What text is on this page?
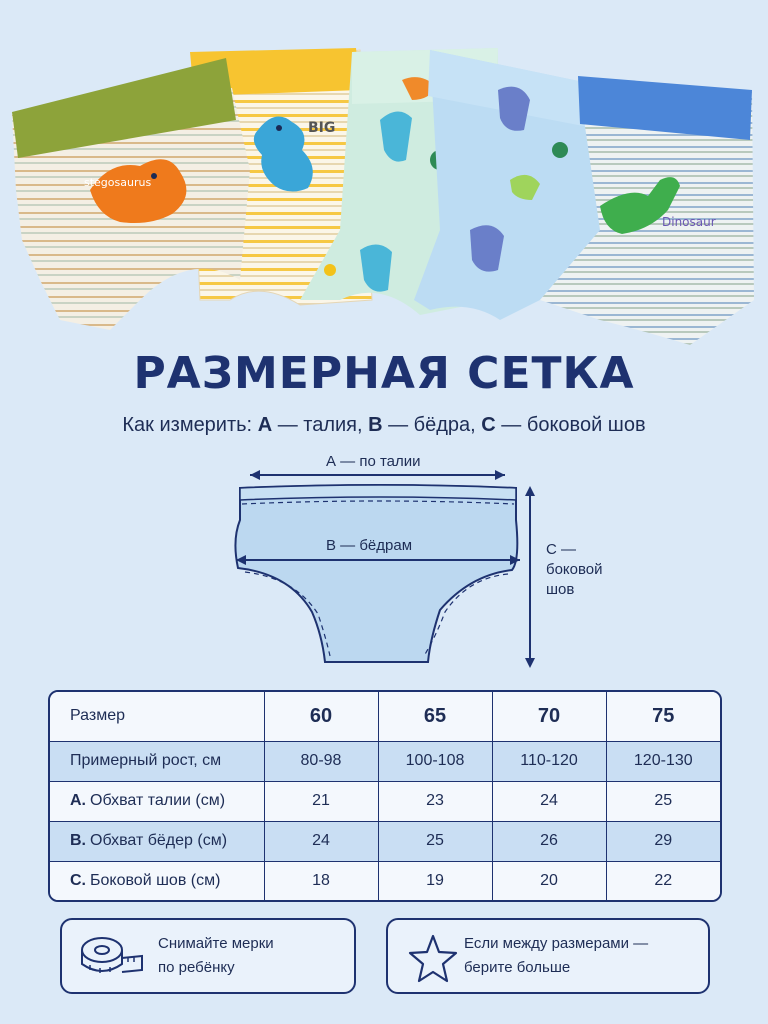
BIG
Dinosaur
stegosaurus
РАЗМЕРНАЯ СЕТКА
Как измерить: А — талия, В — бёдра, С — боковой шов
А — по талии
В — бёдрам	С —
боковой
шов
Размер	60	65	70	75
Примерный рост, см	80-98	100-108	110-120	120-130
А. Обхват талии (см)	21	23	24	25
В. Обхват бёдер (см)	24	25	26	29
С. Боковой шов (см)	18	19	20	22
Снимайте мерки
по ребёнку
Если между размерами —
берите больше
